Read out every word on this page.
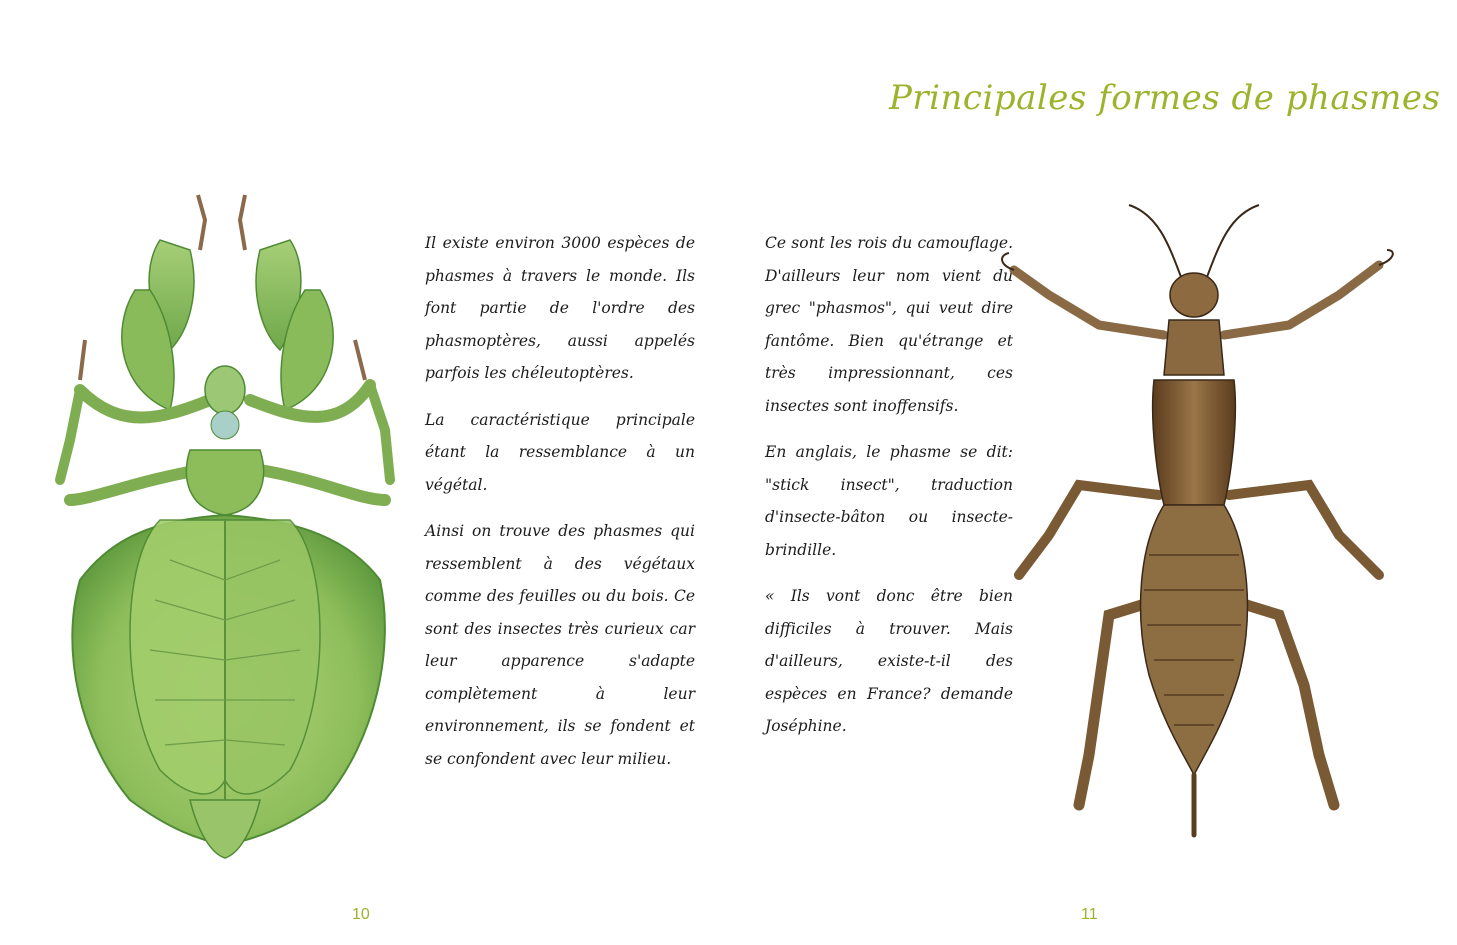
Il existe environ 3000 espèces de phasmes à travers le monde. Ils font partie de l'ordre des phasmoptères, aussi appelés parfois les chéleutoptères.

La caractéristique principale étant la ressemblance à un végétal.

Ainsi on trouve des phasmes qui ressemblent à des végétaux comme des feuilles ou du bois. Ce sont des insectes très curieux car leur apparence s'adapte complètement à leur environnement, ils se fondent et se confondent avec leur milieu.

10
Principales formes de phasmes

Ce sont les rois du camouflage. D'ailleurs leur nom vient du grec "phasmos", qui veut dire fantôme. Bien qu'étrange et très impressionnant, ces insectes sont inoffensifs.

En anglais, le phasme se dit: "stick insect", traduction d'insecte-bâton ou insecte-brindille.

« Ils vont donc être bien difficiles à trouver. Mais d'ailleurs, existe-t-il des espèces en France? demande Joséphine.

11
